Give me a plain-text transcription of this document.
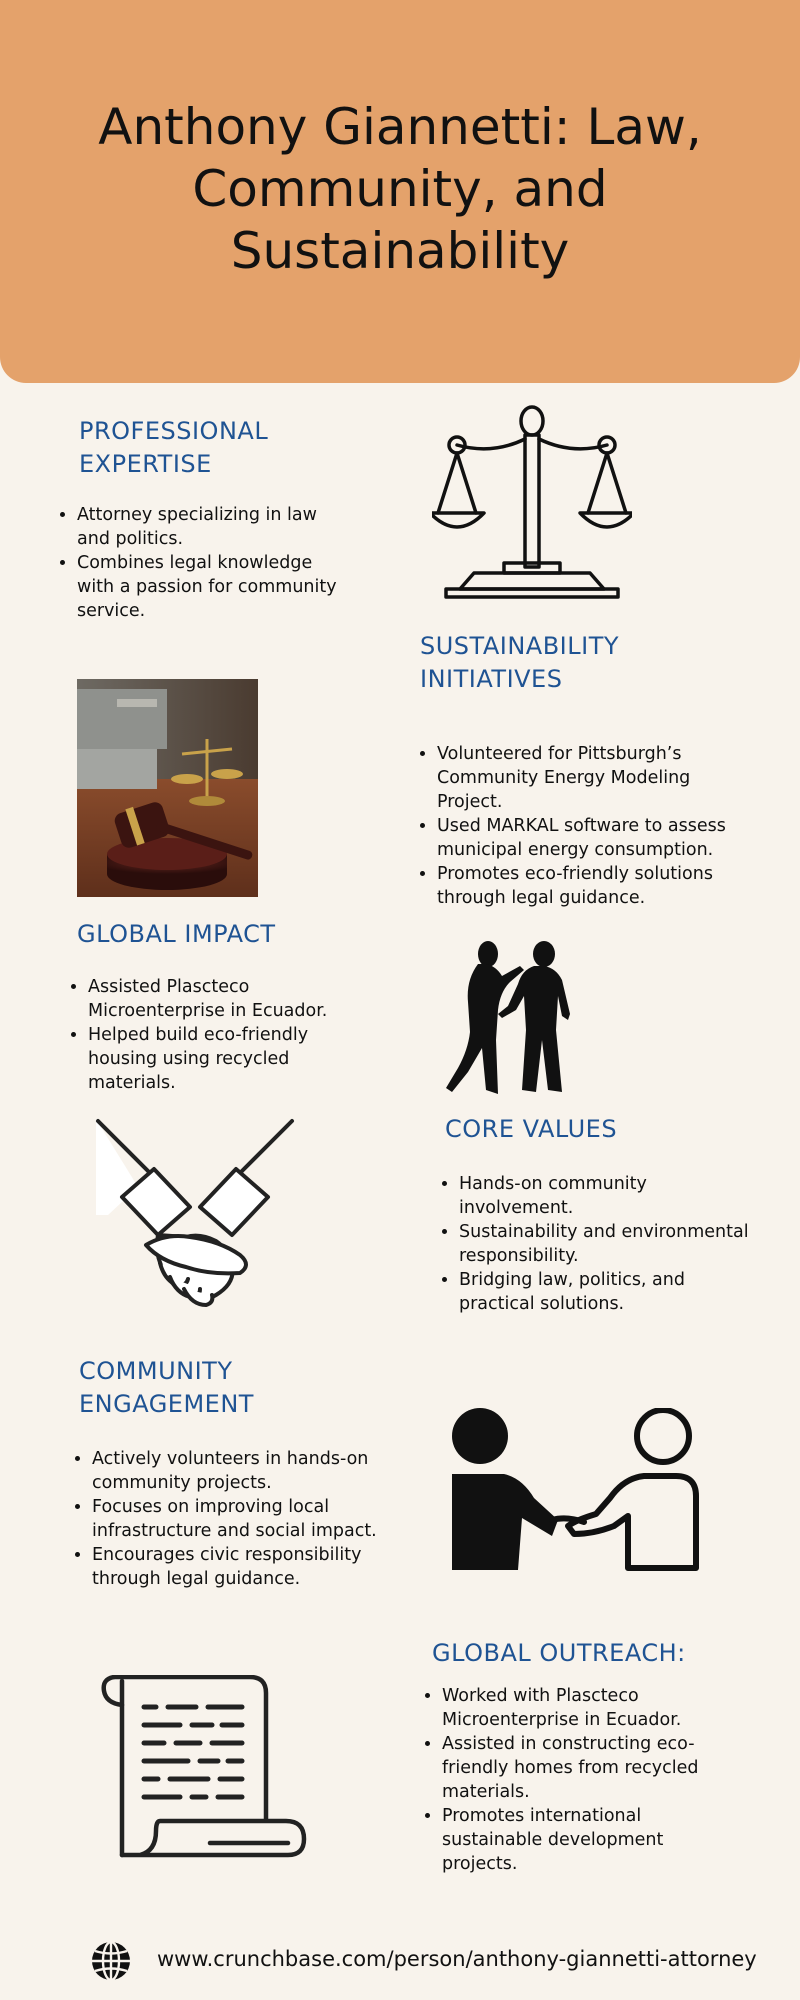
Anthony Giannetti: Law,
Community, and
Sustainability
PROFESSIONAL
EXPERTISE
• Attorney specializing in law and politics.
• Combines legal knowledge with a passion for community service.
SUSTAINABILITY
INITIATIVES
• Volunteered for Pittsburgh’s Community Energy Modeling Project.
• Used MARKAL software to assess municipal energy consumption.
• Promotes eco-friendly solutions through legal guidance.
GLOBAL IMPACT
• Assisted Plascteco Microenterprise in Ecuador.
• Helped build eco-friendly housing using recycled materials.
CORE VALUES
• Hands-on community involvement.
• Sustainability and environmental responsibility.
• Bridging law, politics, and practical solutions.
COMMUNITY
ENGAGEMENT
• Actively volunteers in hands-on community projects.
• Focuses on improving local infrastructure and social impact.
• Encourages civic responsibility through legal guidance.
GLOBAL OUTREACH:
• Worked with Plascteco Microenterprise in Ecuador.
• Assisted in constructing eco-friendly homes from recycled materials.
• Promotes international sustainable development projects.
www.crunchbase.com/person/anthony-giannetti-attorney
